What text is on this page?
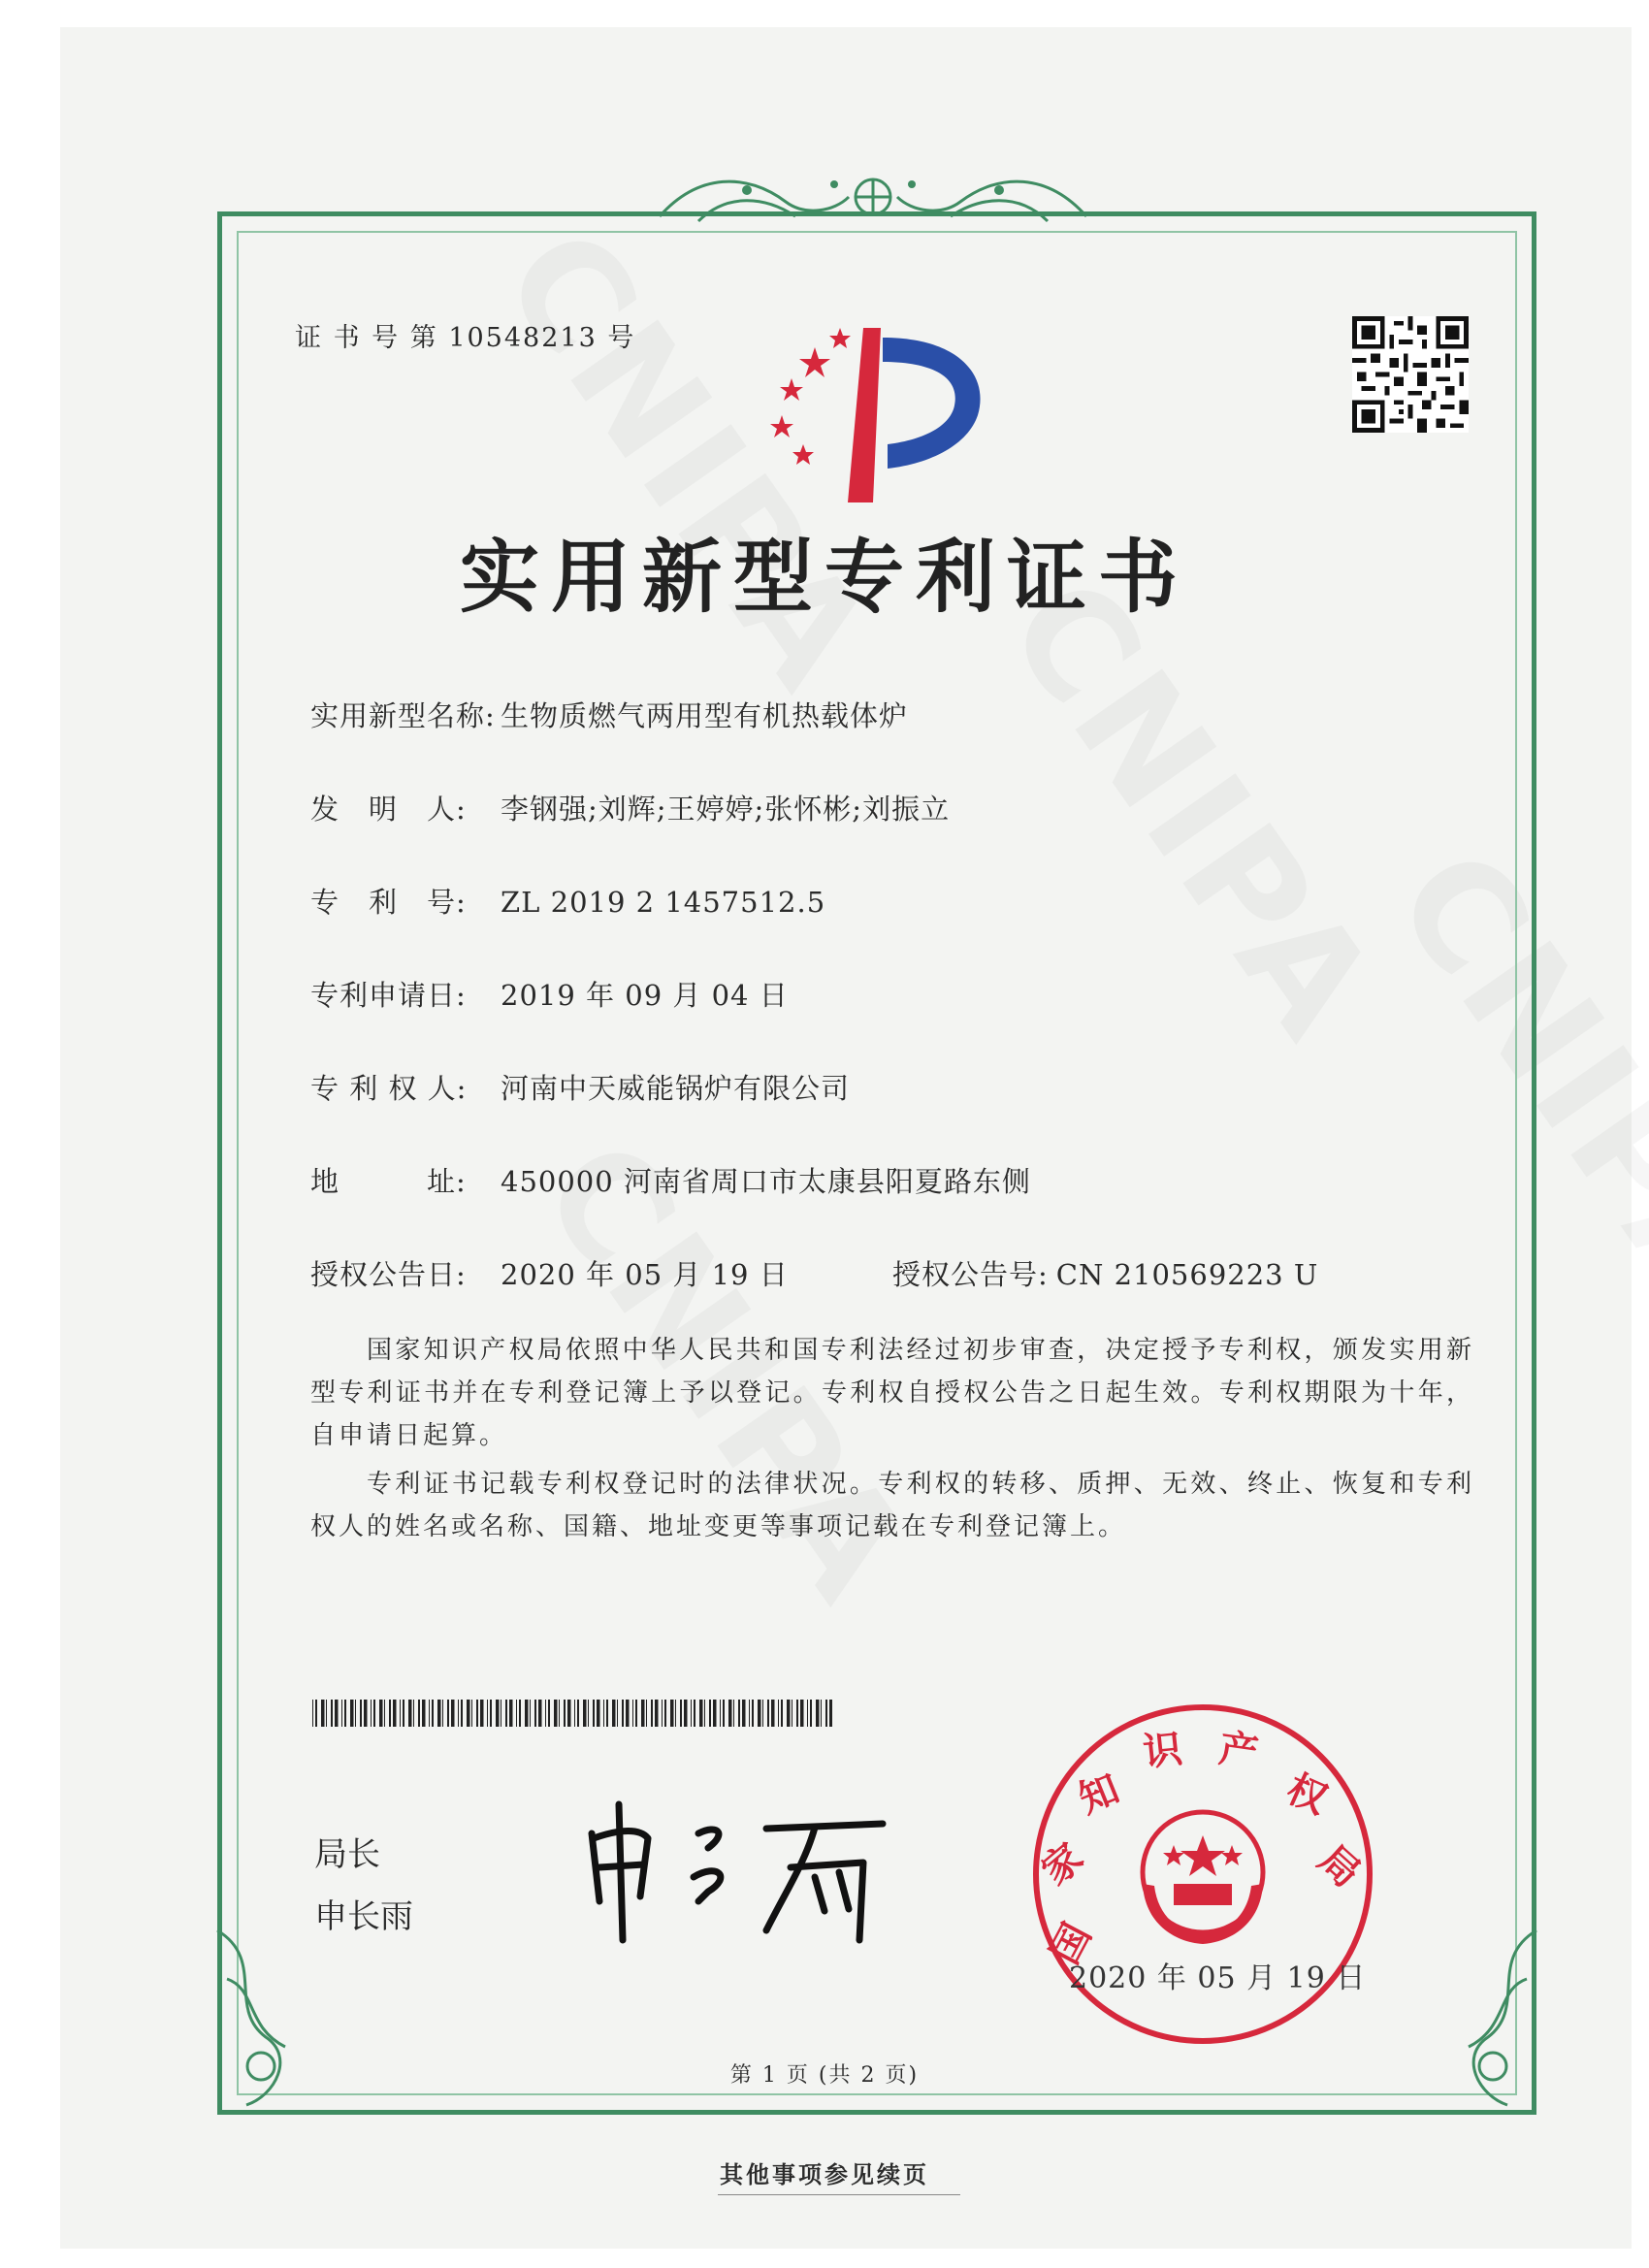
证 书 号 第 10548213 号
实用新型专利证书
实用新型名称: 生物质燃气两用型有机热载体炉
发　明　人: 李钢强;刘辉;王婷婷;张怀彬;刘振立
专　利　号: ZL 2019 2 1457512.5
专利申请日: 2019 年 09 月 04 日
专 利 权 人: 河南中天威能锅炉有限公司
地　　　址: 450000 河南省周口市太康县阳夏路东侧
授权公告日: 2020 年 05 月 19 日	授权公告号: CN 210569223 U
国家知识产权局依照中华人民共和国专利法经过初步审查，决定授予专利权，颁发实用新型专利证书并在专利登记簿上予以登记。专利权自授权公告之日起生效。专利权期限为十年，自申请日起算。
专利证书记载专利权登记时的法律状况。专利权的转移、质押、无效、终止、恢复和专利权人的姓名或名称、国籍、地址变更等事项记载在专利登记簿上。
局长
申长雨	国
家
知
识 产
权
局
2020 年 05 月 19 日
第 1 页 (共 2 页)
其他事项参见续页
